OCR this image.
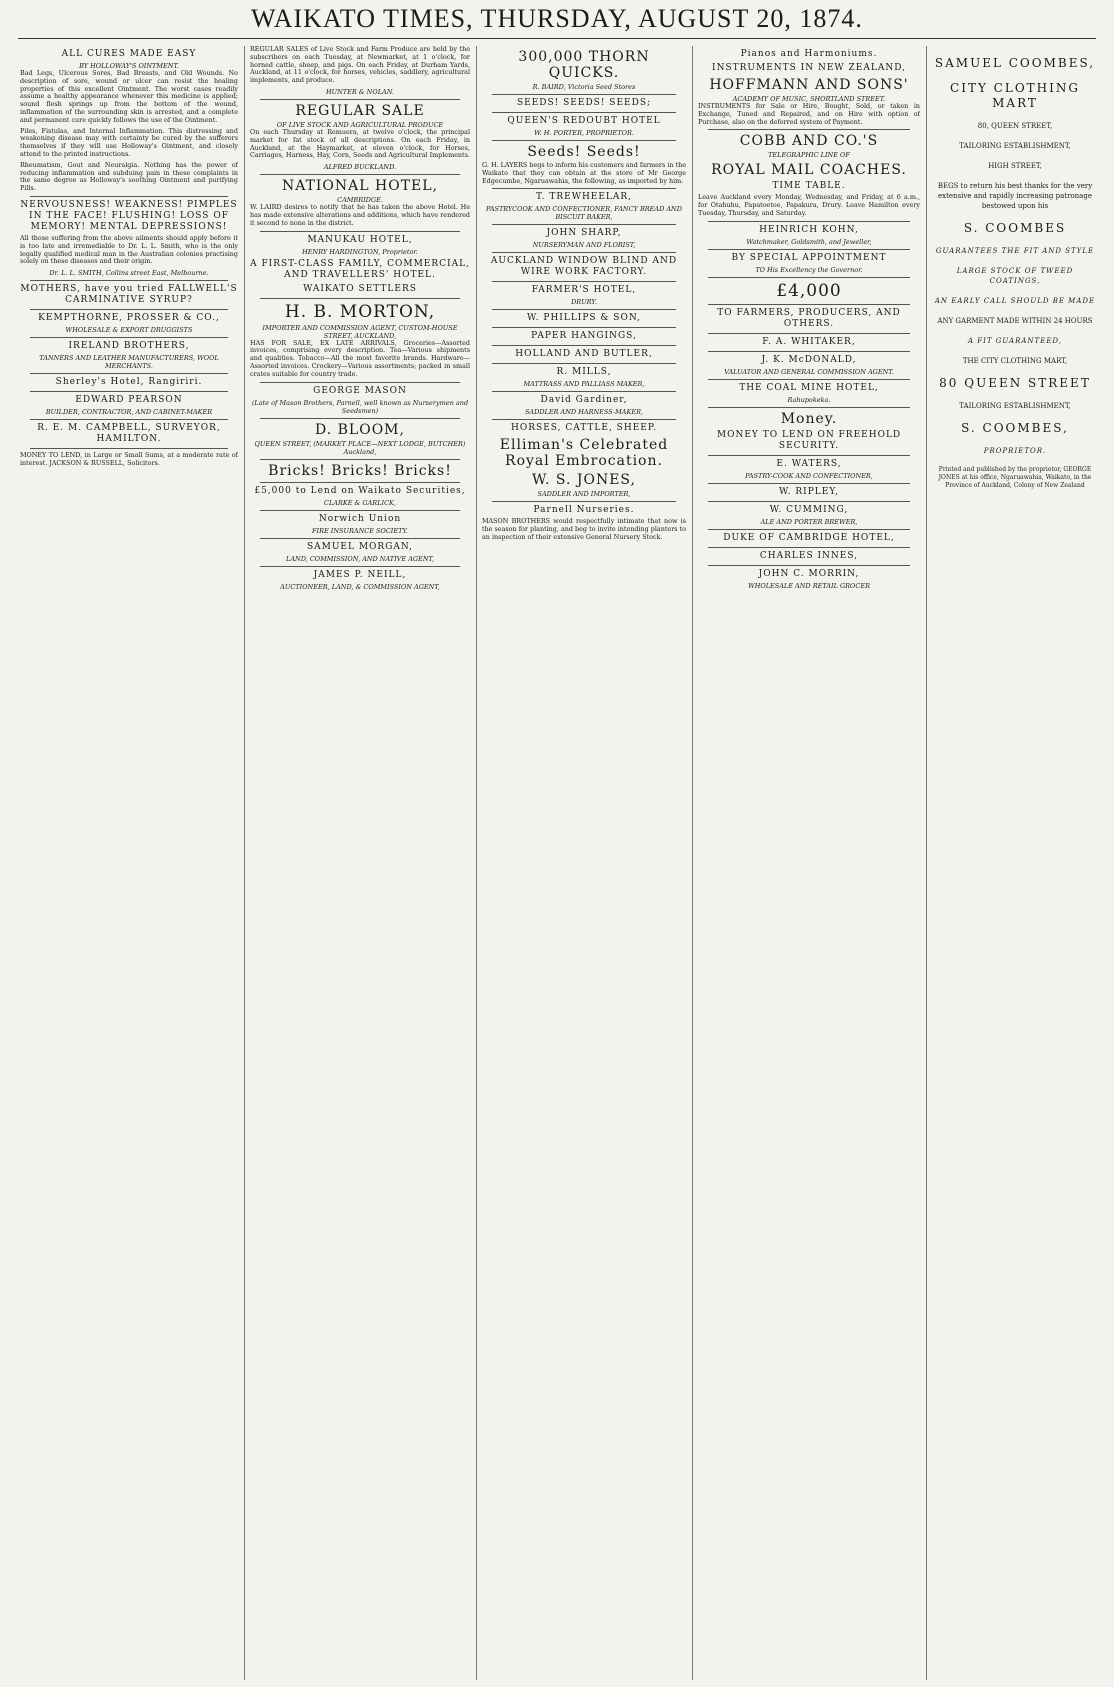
WAIKATO TIMES, THURSDAY, AUGUST 20, 1874.
ALL CURES MADE EASY
BY HOLLOWAY'S OINTMENT.

Bad Legs, Ulcerous Sores, Bad Breasts, and Old Wounds. No description of sore, wound or ulcer can resist the healing properties of this excellent Ointment. The worst cases readily assume a healthy appearance whenever this medicine is applied; sound flesh springs up from the bottom of the wound, inflammation of the surrounding skin is arrested, and a complete and permanent cure quickly follows the use of the Ointment.

Piles, Fistulas, and Internal Inflammation. This distressing and weakening disease may with certainty be cured by the sufferers themselves if they will use Holloway's Ointment, and closely attend to the printed instructions.

Rheumatism, Gout and Neuralgia. Nothing has the power of reducing inflammation and subduing pain in these complaints in the same degree as Holloway's soothing Ointment and purifying Pills.

NERVOUSNESS! WEAKNESS! PIMPLES IN THE FACE! FLUSHING! LOSS OF MEMORY! MENTAL DEPRESSIONS!

All those suffering from the above ailments should apply before it is too late and irremediable to Dr. L. L. Smith, who is the only legally qualified medical man in the Australian colonies practising solely on these diseases and their origin.

Dr. L. L. SMITH, Collins street East, Melbourne.
MOTHERS, have you tried FALLWELL'S CARMINATIVE SYRUP?
KEMPTHORNE, PROSSER & CO.,
WHOLESALE & EXPORT DRUGGISTS
IRELAND BROTHERS,
TANNERS AND LEATHER MANUFACTURERS, WOOL MERCHANTS.
Sherley's Hotel, Rangiriri.
EDWARD PEARSON
BUILDER, CONTRACTOR, AND CABINET-MAKER
R. E. M. CAMPBELL, SURVEYOR, HAMILTON.

MONEY TO LEND, in Large or Small Sums, at a moderate rate of interest. JACKSON & RUSSELL, Solicitors.

REGULAR SALES of Live Stock and Farm Produce are held by the subscribers on each Tuesday, at Newmarket, at 1 o'clock, for horned cattle, sheep, and pigs. On each Friday, at Durham Yards, Auckland, at 11 o'clock, for horses, vehicles, saddlery, agricultural implements, and produce.

HUNTER & NOLAN.
REGULAR SALE
OF LIVE STOCK AND AGRICULTURAL PRODUCE

On each Thursday at Remuera, at twelve o'clock, the principal market for fat stock of all descriptions. On each Friday, in Auckland, at the Haymarket, at eleven o'clock, for Horses, Carriages, Harness, Hay, Corn, Seeds and Agricultural Implements.

ALFRED BUCKLAND.
NATIONAL HOTEL,
CAMBRIDGE.

W. LAIRD desires to notify that he has taken the above Hotel. He has made extensive alterations and additions, which have rendered it second to none in the district.

MANUKAU HOTEL,
HENRY HARDINGTON, Proprietor.
A FIRST-CLASS FAMILY, COMMERCIAL, AND TRAVELLERS' HOTEL.
WAIKATO SETTLERS
H. B. MORTON,
IMPORTER AND COMMISSION AGENT, CUSTOM-HOUSE STREET, AUCKLAND,

HAS FOR SALE, EX LATE ARRIVALS, Groceries—Assorted invoices, comprising every description. Tea—Various shipments and qualities. Tobacco—All the most favorite brands. Hardware—Assorted invoices. Crockery—Various assortments; packed in small crates suitable for country trade.

GEORGE MASON
(Late of Mason Brothers, Parnell, well known as Nurserymen and Seedsmen)
D. BLOOM,
QUEEN STREET, (MARKET PLACE—NEXT LODGE, BUTCHER) Auckland,
Bricks! Bricks! Bricks!
£5,000 to Lend on Waikato Securities,
CLARKE & GARLICK,
Norwich Union
FIRE INSURANCE SOCIETY.
SAMUEL MORGAN,
LAND, COMMISSION, AND NATIVE AGENT,
JAMES P. NEILL,
AUCTIONEER, LAND, & COMMISSION AGENT,
300,000 THORN QUICKS.
R. BAIRD, Victoria Seed Stores
SEEDS! SEEDS! SEEDS;
QUEEN'S REDOUBT HOTEL
W. H. PORTER, PROPRIETOR.
Seeds! Seeds!

G. H. LAYERS begs to inform his customers and farmers in the Waikato that they can obtain at the store of Mr George Edgecumbe, Ngaruawahia, the following, as imported by him.

T. TREWHEELAR,
PASTRYCOOK AND CONFECTIONER, FANCY BREAD AND BISCUIT BAKER,
JOHN SHARP,
NURSERYMAN AND FLORIST,
AUCKLAND WINDOW BLIND AND WIRE WORK FACTORY.
FARMER'S HOTEL,
DRURY.
W. PHILLIPS & SON,
PAPER HANGINGS,
HOLLAND AND BUTLER,
R. MILLS,
MATTRASS AND PALLIASS MAKER,
David Gardiner,
SADDLER AND HARNESS-MAKER,
HORSES, CATTLE, SHEEP.
Elliman's Celebrated Royal Embrocation.
W. S. JONES,
SADDLER AND IMPORTER,
Parnell Nurseries.

MASON BROTHERS would respectfully intimate that now is the season for planting, and beg to invite intending planters to an inspection of their extensive General Nursery Stock.

Pianos and Harmoniums.
INSTRUMENTS IN NEW ZEALAND,
HOFFMANN AND SONS'
ACADEMY OF MUSIC, SHORTLAND STREET.

INSTRUMENTS for Sale or Hire, Bought, Sold, or taken in Exchange, Tuned and Repaired, and on Hire with option of Purchase, also on the deferred system of Payment.

COBB AND CO.'S
TELEGRAPHIC LINE OF
ROYAL MAIL COACHES.
TIME TABLE.

Leave Auckland every Monday, Wednesday, and Friday, at 6 a.m., for Otahuhu, Papatoetoe, Papakura, Drury. Leave Hamilton every Tuesday, Thursday, and Saturday.

HEINRICH KOHN,
Watchmaker, Goldsmith, and Jeweller,
BY SPECIAL APPOINTMENT
TO His Excellency the Governor.
£4,000
TO FARMERS, PRODUCERS, AND OTHERS.
F. A. WHITAKER,
J. K. McDONALD,
VALUATOR AND GENERAL COMMISSION AGENT.
THE COAL MINE HOTEL,
Rahupokeka.
Money.
MONEY TO LEND ON FREEHOLD SECURITY.
E. WATERS,
PASTRY-COOK AND CONFECTIONER,
W. RIPLEY,
W. CUMMING,
ALE AND PORTER BREWER,
DUKE OF CAMBRIDGE HOTEL,
CHARLES INNES,
JOHN C. MORRIN,
WHOLESALE AND RETAIL GROCER
SAMUEL COOMBES,
CITY CLOTHING MART
80, QUEEN STREET,
TAILORING ESTABLISHMENT,
HIGH STREET,
BEGS to return his best thanks for the very extensive and rapidly increasing patronage bestowed upon his
S. COOMBES
GUARANTEES THE FIT AND STYLE
LARGE STOCK OF TWEED COATINGS,
AN EARLY CALL SHOULD BE MADE
ANY GARMENT MADE WITHIN 24 HOURS
A FIT GUARANTEED,
THE CITY CLOTHING MART,
80 QUEEN STREET
TAILORING ESTABLISHMENT,
S. COOMBES,
PROPRIETOR.
Printed and published by the proprietor, GEORGE JONES at his office, Ngaruawahia, Waikato, in the Province of Auckland, Colony of New Zealand
